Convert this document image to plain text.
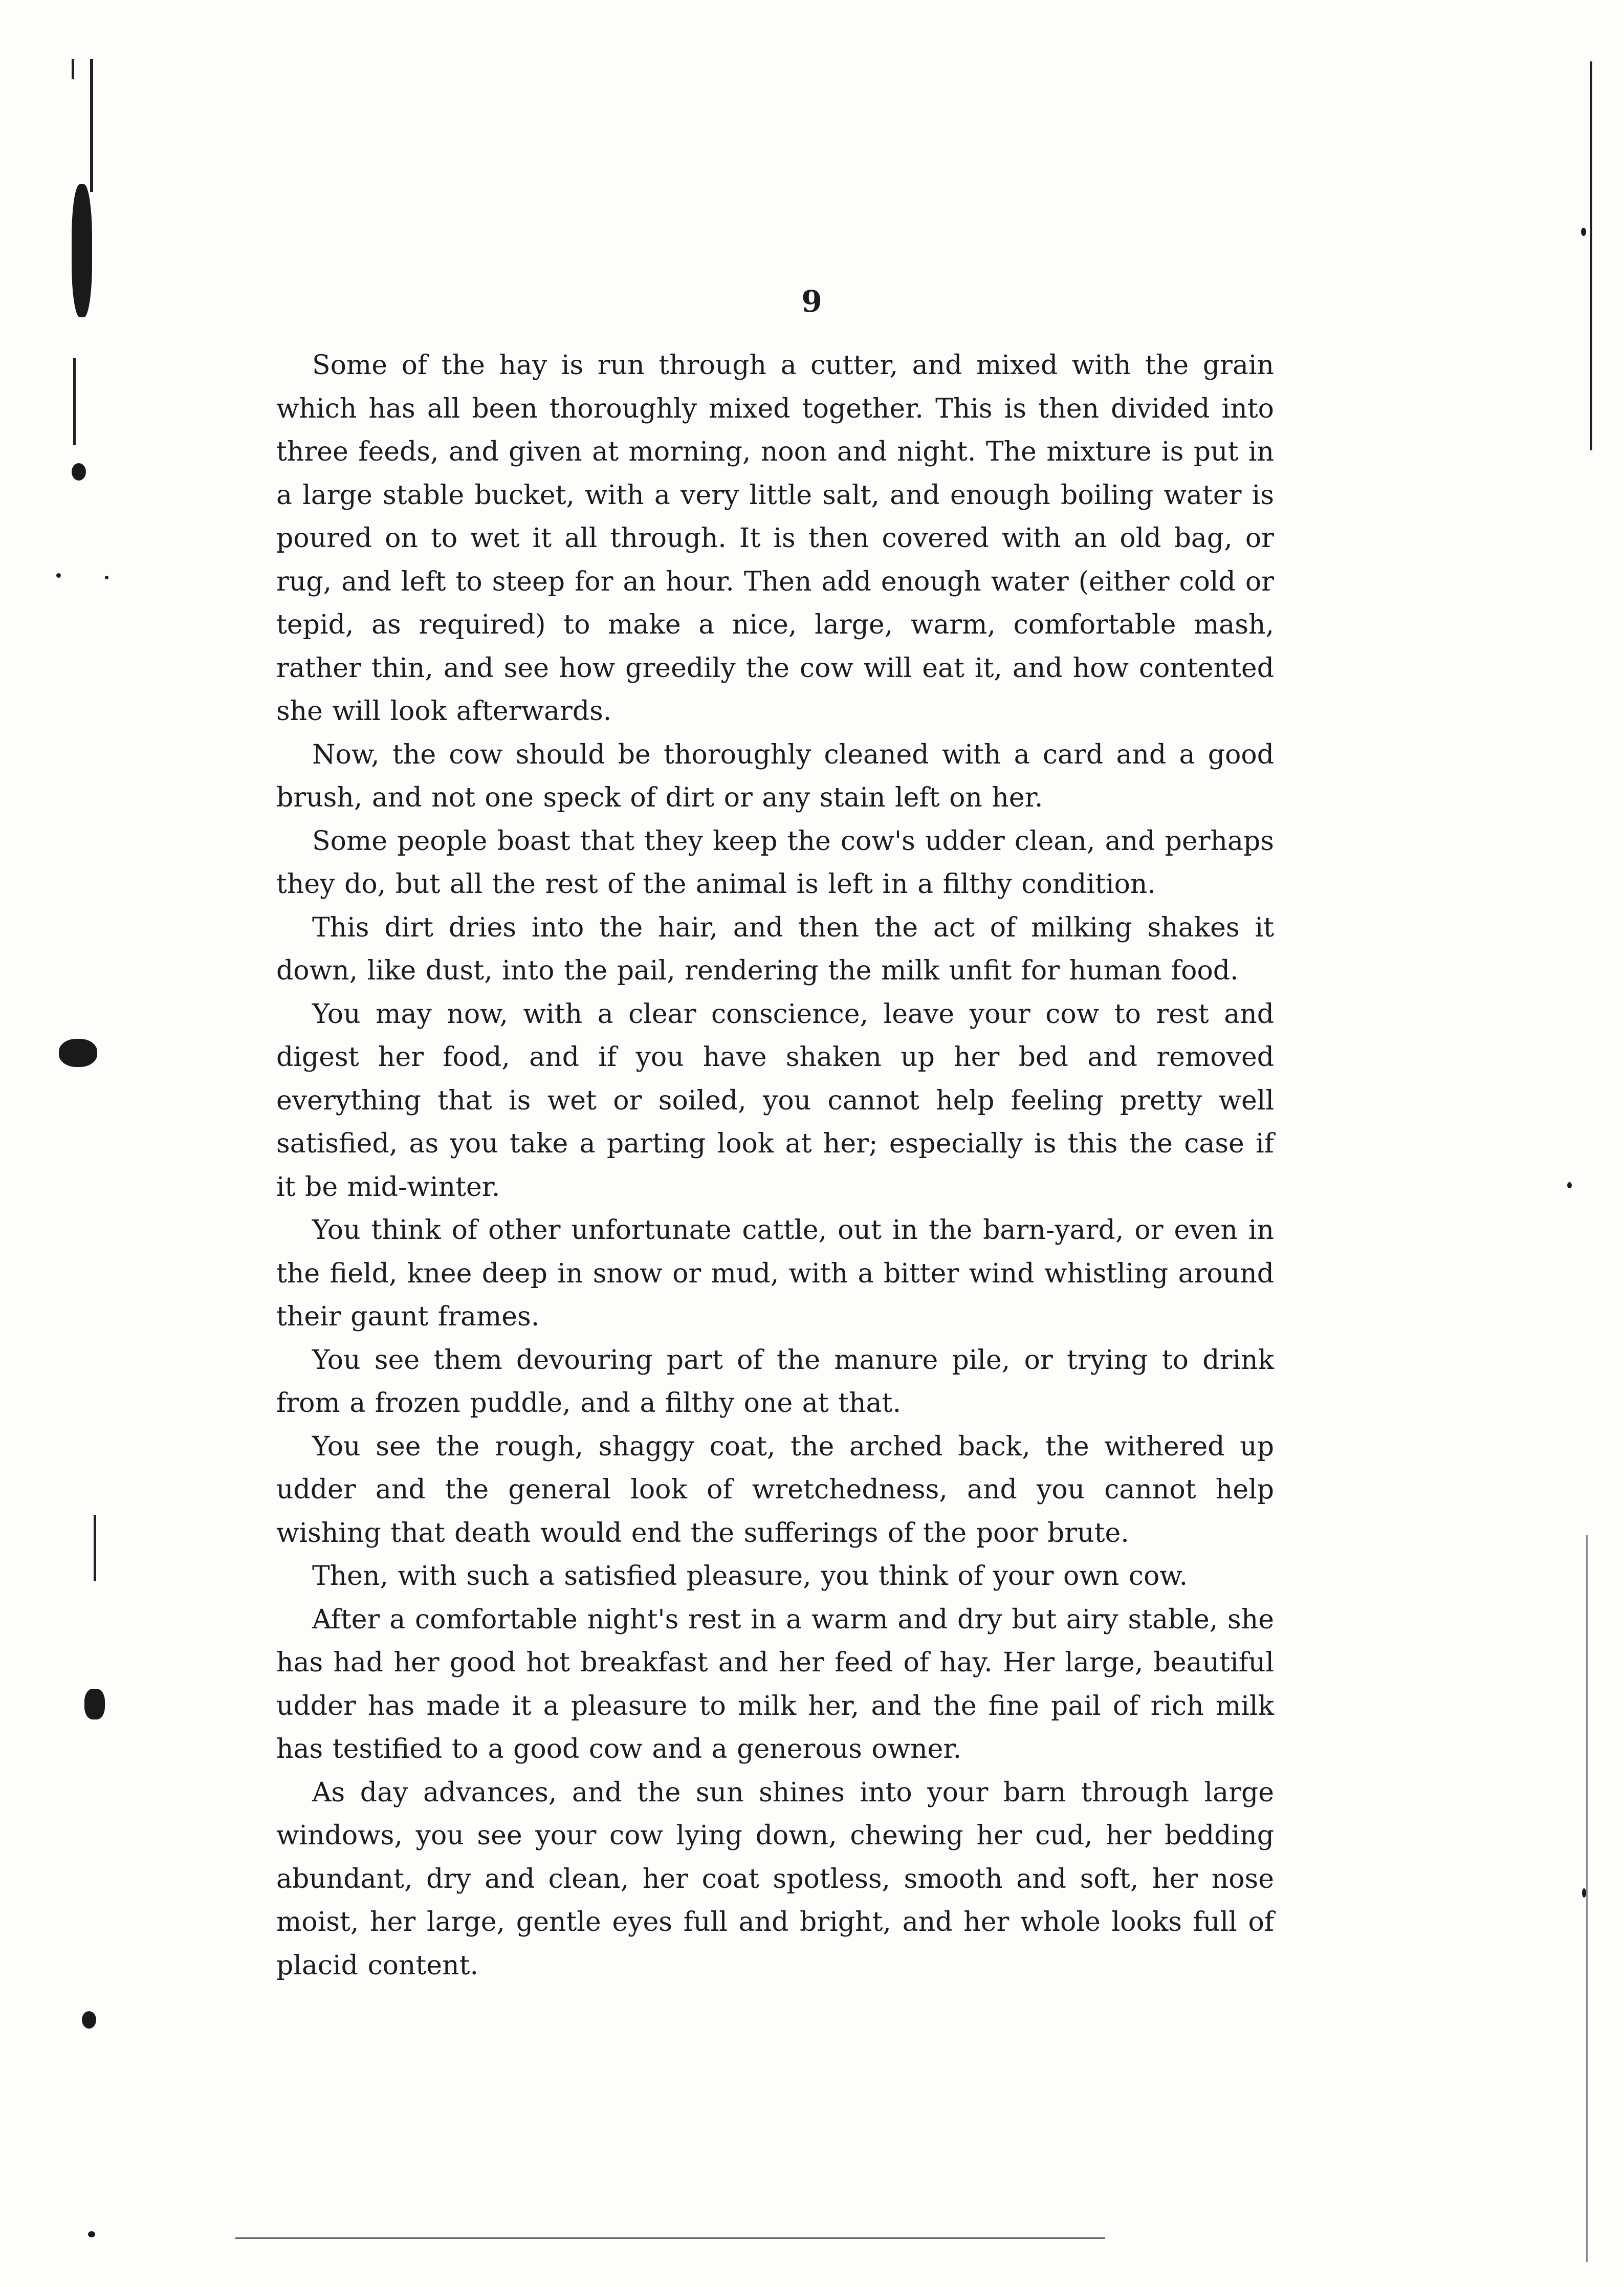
9

Some of the hay is run through a cutter, and mixed with the grain which has all been thoroughly mixed together. This is then divided into three feeds, and given at morning, noon and night. The mixture is put in a large stable bucket, with a very little salt, and enough boiling water is poured on to wet it all through. It is then covered with an old bag, or rug, and left to steep for an hour. Then add enough water (either cold or tepid, as required) to make a nice, large, warm, comfortable mash, rather thin, and see how greedily the cow will eat it, and how contented she will look afterwards.

Now, the cow should be thoroughly cleaned with a card and a good brush, and not one speck of dirt or any stain left on her.

Some people boast that they keep the cow's udder clean, and perhaps they do, but all the rest of the animal is left in a filthy condition.

This dirt dries into the hair, and then the act of milking shakes it down, like dust, into the pail, rendering the milk unfit for human food.

You may now, with a clear conscience, leave your cow to rest and digest her food, and if you have shaken up her bed and removed everything that is wet or soiled, you cannot help feeling pretty well satisfied, as you take a parting look at her; especially is this the case if it be mid-winter.

You think of other unfortunate cattle, out in the barn-yard, or even in the field, knee deep in snow or mud, with a bitter wind whistling around their gaunt frames.

You see them devouring part of the manure pile, or trying to drink from a frozen puddle, and a filthy one at that.

You see the rough, shaggy coat, the arched back, the withered up udder and the general look of wretchedness, and you cannot help wishing that death would end the sufferings of the poor brute.

Then, with such a satisfied pleasure, you think of your own cow.

After a comfortable night's rest in a warm and dry but airy stable, she has had her good hot breakfast and her feed of hay. Her large, beautiful udder has made it a pleasure to milk her, and the fine pail of rich milk has testified to a good cow and a generous owner.

As day advances, and the sun shines into your barn through large windows, you see your cow lying down, chewing her cud, her bedding abundant, dry and clean, her coat spotless, smooth and soft, her nose moist, her large, gentle eyes full and bright, and her whole looks full of placid content.
